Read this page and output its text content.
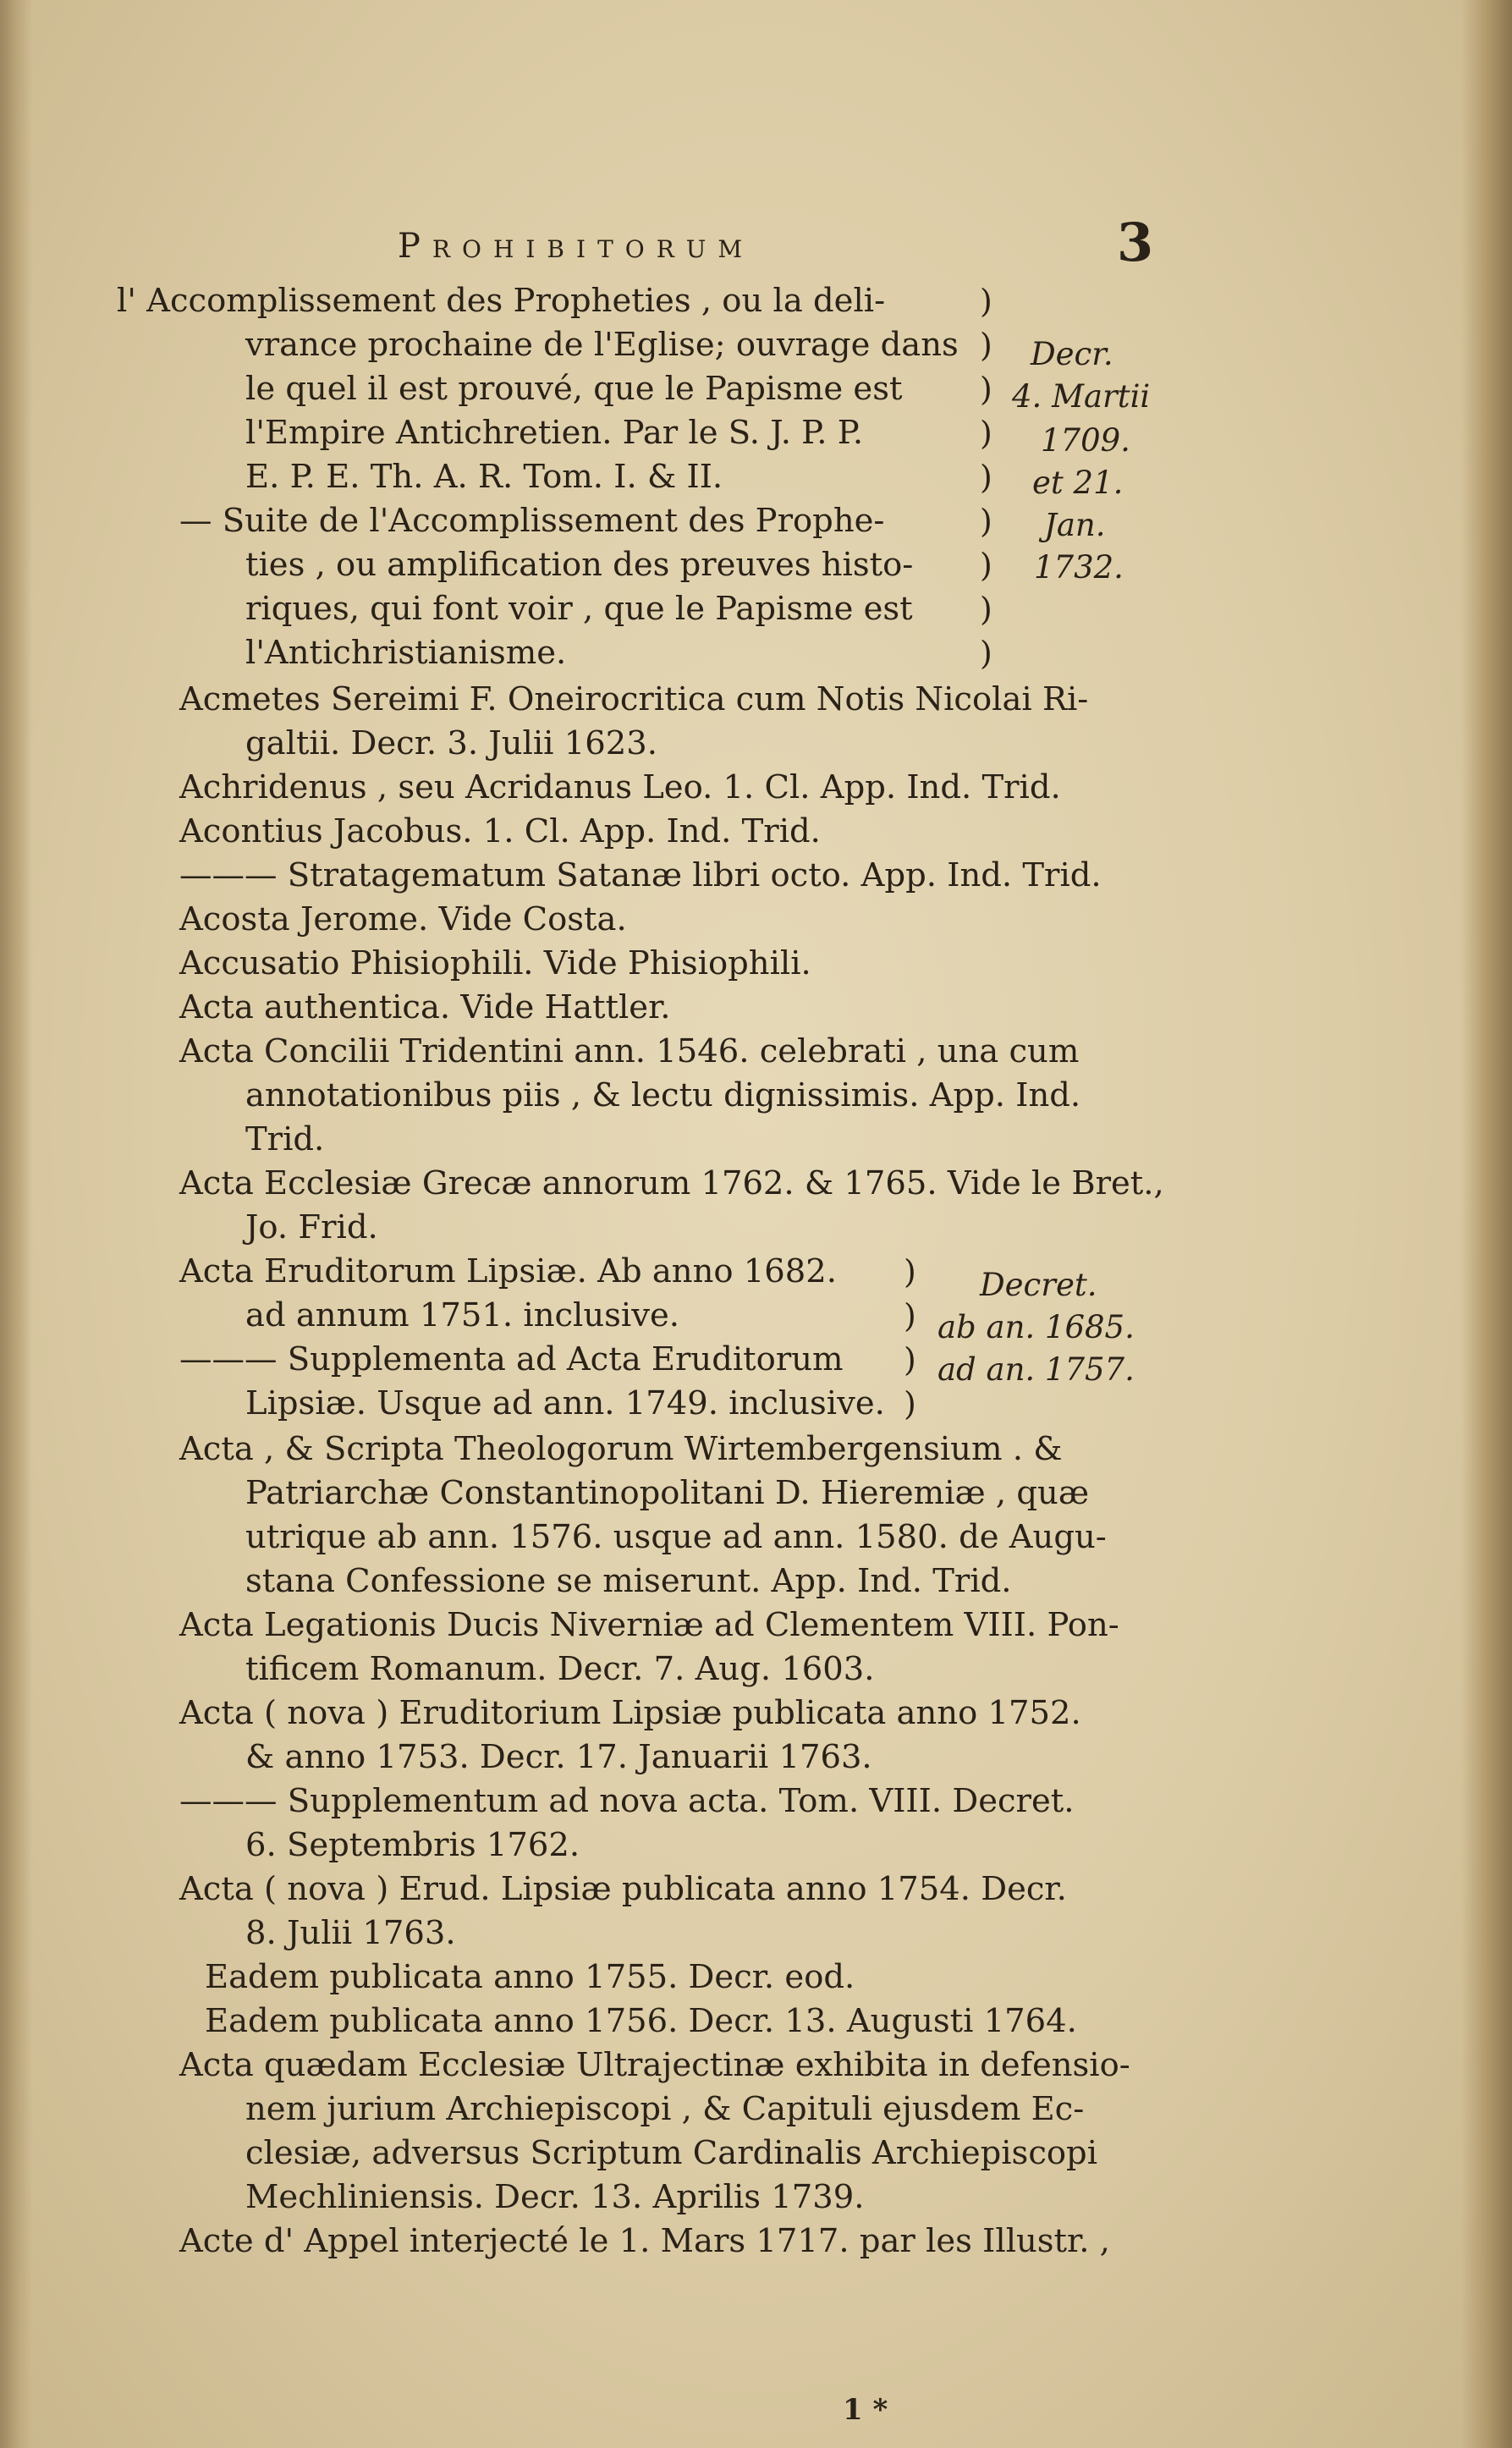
Prohibitorum	3
l' Accomplissement des Propheties , ou la deli-
vrance prochaine de l'Eglise; ouvrage dans
le quel il est prouvé, que le Papisme est
l'Empire Antichretien. Par le S. J. P. P.
E. P. E. Th. A. R. Tom. I. & II.
— Suite de l'Accomplissement des Prophe-
ties , ou amplification des preuves histo-
riques, qui font voir , que le Papisme est
l'Antichristianisme.
)
)
)
)
)
)
)
)
)
Decr.
4. Martii
1709.
et 21.
Jan.
1732.
Acmetes Sereimi F. Oneirocritica cum Notis Nicolai Ri-
galtii. Decr. 3. Julii 1623.
Achridenus , seu Acridanus Leo. 1. Cl. App. Ind. Trid.
Acontius Jacobus. 1. Cl. App. Ind. Trid.
——— Stratagematum Satanæ libri octo. App. Ind. Trid.
Acosta Jerome. Vide Costa.
Accusatio Phisiophili. Vide Phisiophili.
Acta authentica. Vide Hattler.
Acta Concilii Tridentini ann. 1546. celebrati , una cum
annotationibus piis , & lectu dignissimis. App. Ind.
Trid.
Acta Ecclesiæ Grecæ annorum 1762. & 1765. Vide le Bret.,
Jo. Frid.
Acta Eruditorum Lipsiæ. Ab anno 1682.
ad annum 1751. inclusive.
——— Supplementa ad Acta Eruditorum
Lipsiæ. Usque ad ann. 1749. inclusive.
)
)
)
)
Decret.
ab an. 1685.
ad an. 1757.
Acta , & Scripta Theologorum Wirtembergensium . &
Patriarchæ Constantinopolitani D. Hieremiæ , quæ
utrique ab ann. 1576. usque ad ann. 1580. de Augu-
stana Confessione se miserunt. App. Ind. Trid.
Acta Legationis Ducis Niverniæ ad Clementem VIII. Pon-
tificem Romanum. Decr. 7. Aug. 1603.
Acta ( nova ) Eruditorium Lipsiæ publicata anno 1752.
& anno 1753. Decr. 17. Januarii 1763.
——— Supplementum ad nova acta. Tom. VIII. Decret.
6. Septembris 1762.
Acta ( nova ) Erud. Lipsiæ publicata anno 1754. Decr.
8. Julii 1763.
Eadem publicata anno 1755. Decr. eod.
Eadem publicata anno 1756. Decr. 13. Augusti 1764.
Acta quædam Ecclesiæ Ultrajectinæ exhibita in defensio-
nem jurium Archiepiscopi , & Capituli ejusdem Ec-
clesiæ, adversus Scriptum Cardinalis Archiepiscopi
Mechliniensis. Decr. 13. Aprilis 1739.
Acte d' Appel interjecté le 1. Mars 1717. par les Illustr. ,
1 *
